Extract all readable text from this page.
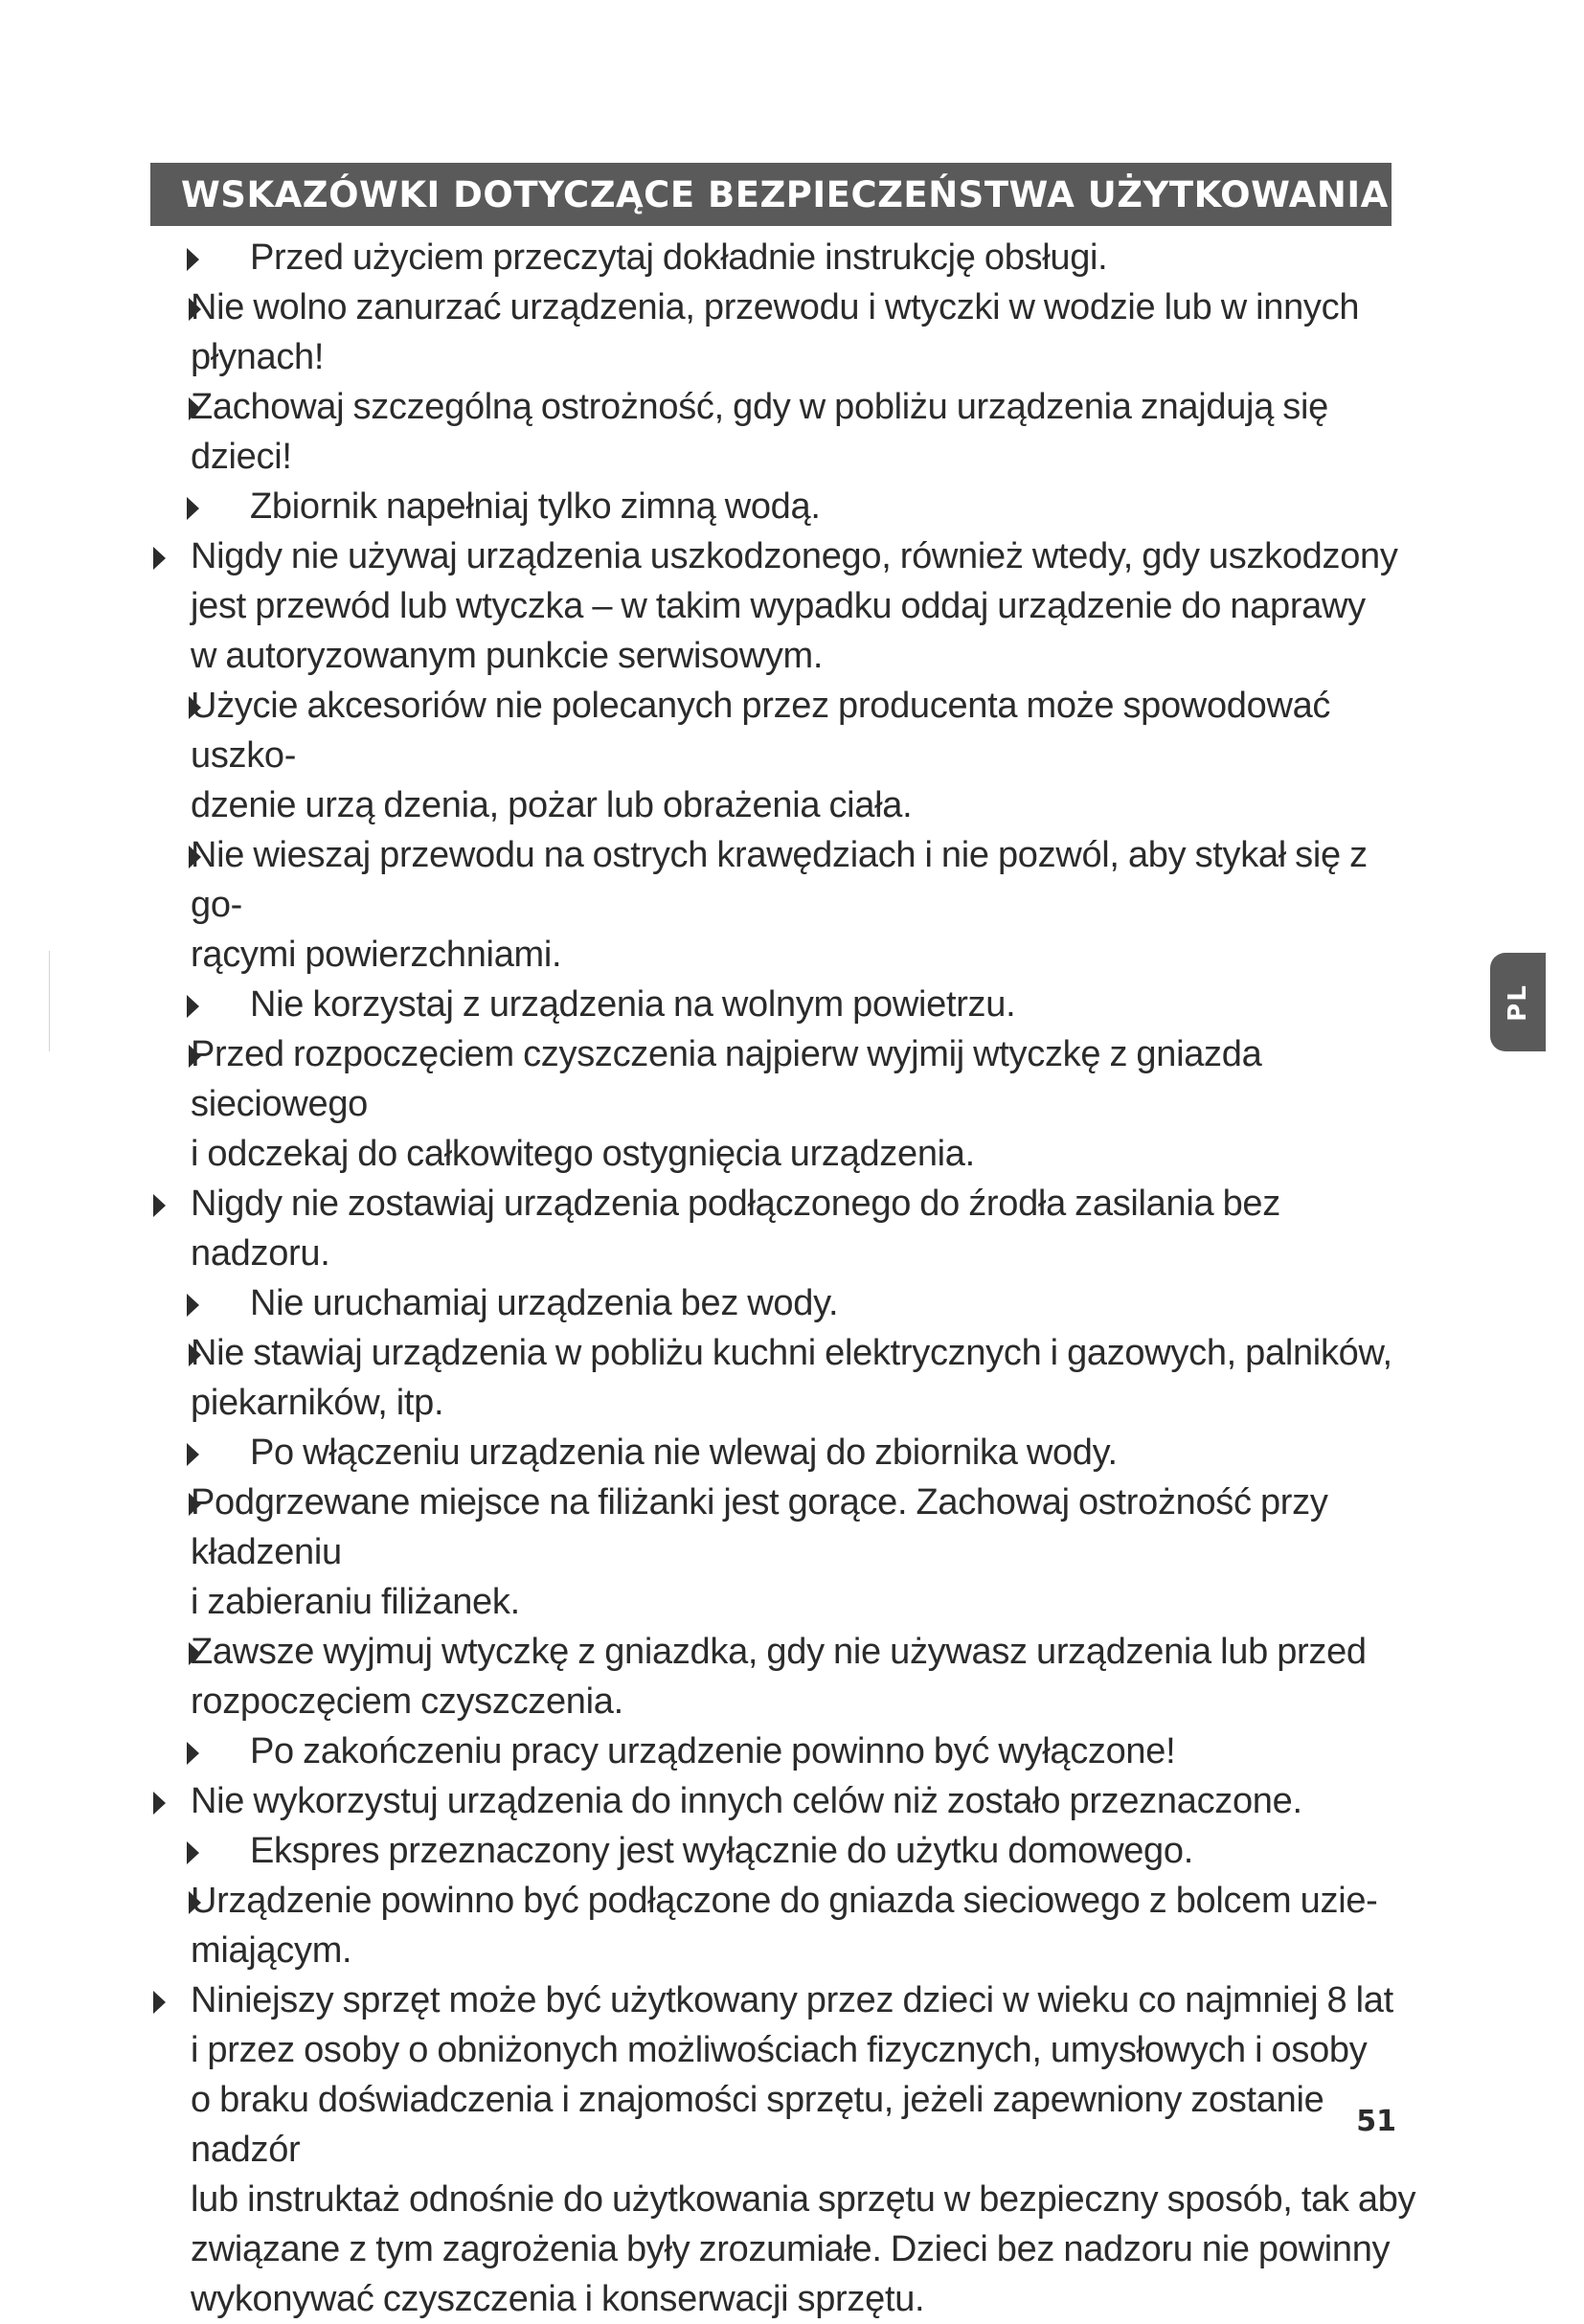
WSKAZÓWKI DOTYCZĄCE BEZPIECZEŃSTWA UŻYTKOWANIA
Przed użyciem przeczytaj dokładnie instrukcję obsługi.
Nie wolno zanurzać urządzenia, przewodu i wtyczki w wodzie lub w innych
płynach!
Zachowaj szczególną ostrożność, gdy w pobliżu urządzenia znajdują się dzieci!
Zbiornik napełniaj tylko zimną wodą.
Nigdy nie używaj urządzenia uszkodzonego, również wtedy, gdy uszkodzony
jest przewód lub wtyczka – w takim wypadku oddaj urządzenie do naprawy
w autoryzowanym punkcie serwisowym.
Użycie akcesoriów nie polecanych przez producenta może spowodować uszko-
dzenie urzą dzenia, pożar lub obrażenia ciała.
Nie wieszaj przewodu na ostrych krawędziach i nie pozwól, aby stykał się z go-
rącymi powierzchniami.
Nie korzystaj z urządzenia na wolnym powietrzu.
Przed rozpoczęciem czyszczenia najpierw wyjmij wtyczkę z gniazda sieciowego
i odczekaj do całkowitego ostygnięcia urządzenia.
Nigdy nie zostawiaj urządzenia podłączonego do źrodła zasilania bez nadzoru.
Nie uruchamiaj urządzenia bez wody.
Nie stawiaj urządzenia w pobliżu kuchni elektrycznych i gazowych, palników,
piekarników, itp.
Po włączeniu urządzenia nie wlewaj do zbiornika wody.
Podgrzewane miejsce na filiżanki jest gorące. Zachowaj ostrożność przy kładzeniu
i zabieraniu filiżanek.
Zawsze wyjmuj wtyczkę z gniazdka, gdy nie używasz urządzenia lub przed
rozpoczęciem czyszczenia.
Po zakończeniu pracy urządzenie powinno być wyłączone!
Nie wykorzystuj urządzenia do innych celów niż zostało przeznaczone.
Ekspres przeznaczony jest wyłącznie do użytku domowego.
Urządzenie powinno być podłączone do gniazda sieciowego z bolcem uzie-
miającym.
Niniejszy sprzęt może być użytkowany przez dzieci w wieku co najmniej 8 lat
i przez osoby o obniżonych możliwościach fizycznych, umysłowych i osoby
o braku doświadczenia i znajomości sprzętu, jeżeli zapewniony zostanie nadzór
lub instruktaż odnośnie do użytkowania sprzętu w bezpieczny sposób, tak aby
związane z tym zagrożenia były zrozumiałe. Dzieci bez nadzoru nie powinny
wykonywać czyszczenia i konserwacji sprzętu.
PL
51
